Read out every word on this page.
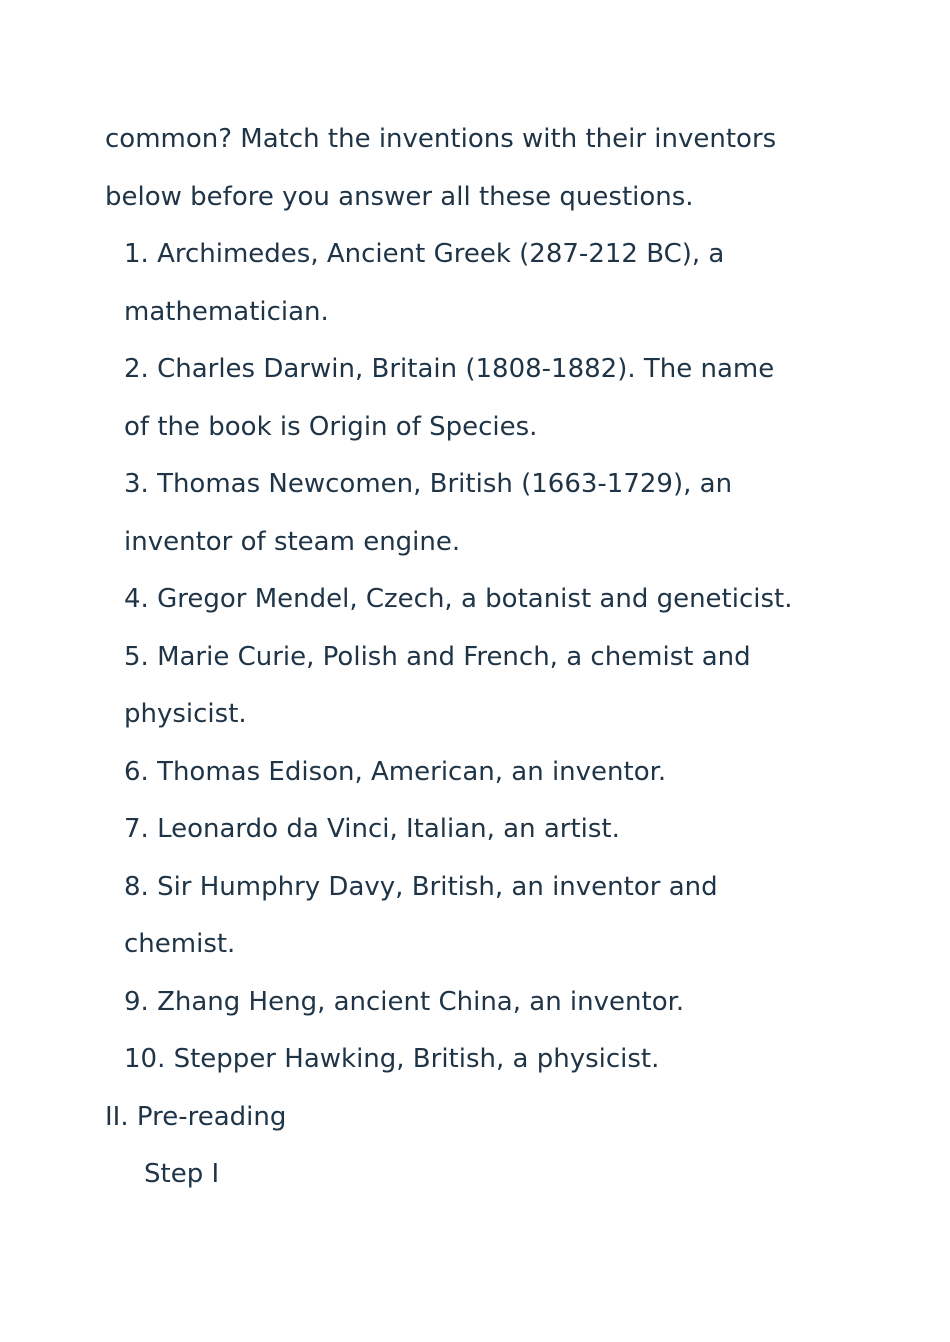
common? Match the inventions with their inventors
below before you answer all these questions.
1. Archimedes, Ancient Greek (287-212 BC), a
mathematician.
2. Charles Darwin, Britain (1808-1882). The name
of the book is Origin of Species.
3. Thomas Newcomen, British (1663-1729), an
inventor of steam engine.
4. Gregor Mendel, Czech, a botanist and geneticist.
5. Marie Curie, Polish and French, a chemist and
physicist.
6. Thomas Edison, American, an inventor.
7. Leonardo da Vinci, Italian, an artist.
8. Sir Humphry Davy, British, an inventor and
chemist.
9. Zhang Heng, ancient China, an inventor.
10. Stepper Hawking, British, a physicist.
II. Pre-reading
Step I
